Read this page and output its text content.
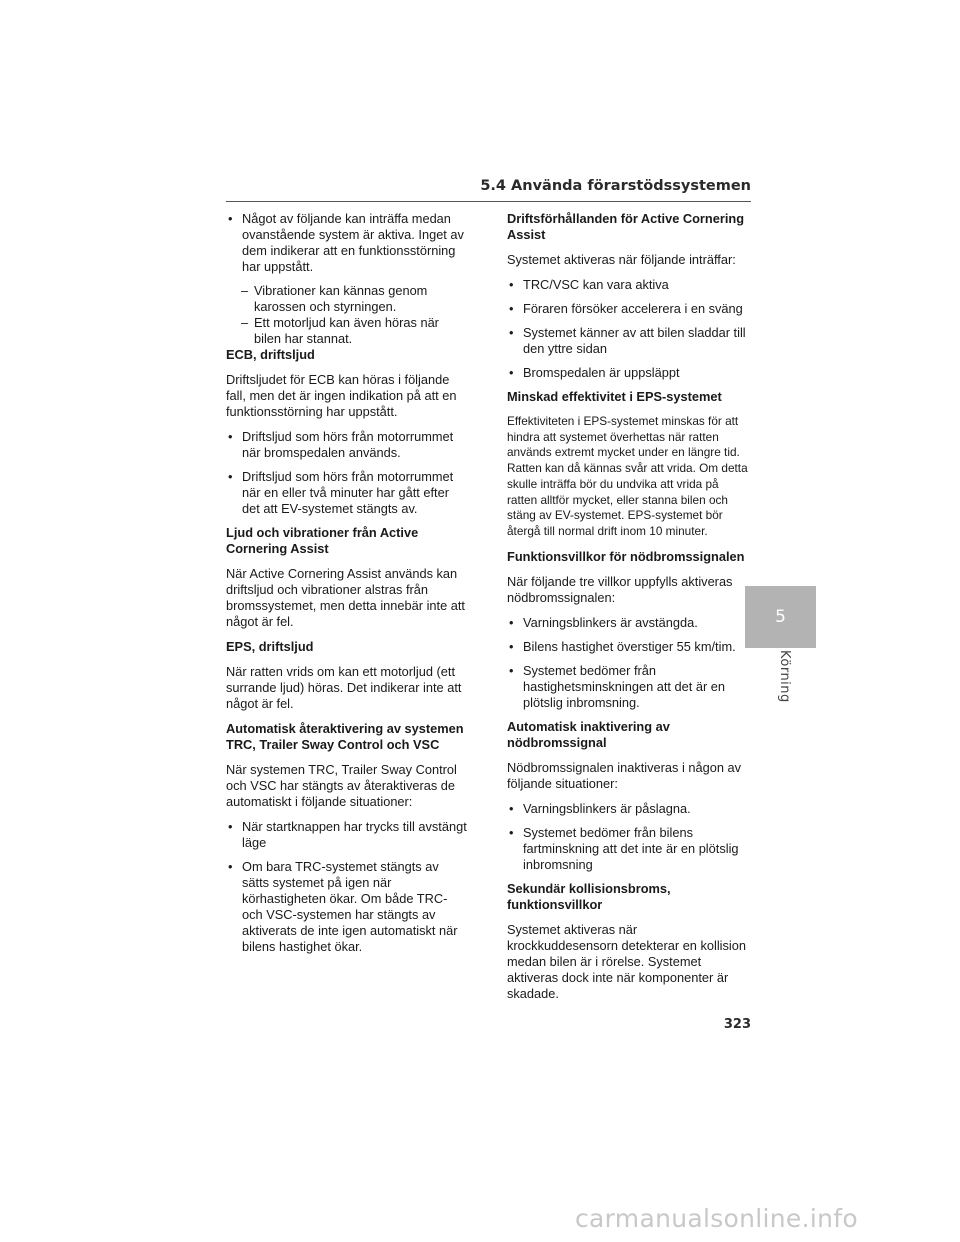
5.4 Använda förarstödssystemen
• Något av följande kan inträffa medan ovanstående system är aktiva. Inget av dem indikerar att en funktionsstörning har uppstått.
– Vibrationer kan kännas genom karossen och styrningen.
– Ett motorljud kan även höras när bilen har stannat.
ECB, driftsljud
Driftsljudet för ECB kan höras i följande fall, men det är ingen indikation på att en funktionsstörning har uppstått.
• Driftsljud som hörs från motorrummet när bromspedalen används.
• Driftsljud som hörs från motorrummet när en eller två minuter har gått efter det att EV-systemet stängts av.
Ljud och vibrationer från Active Cornering Assist
När Active Cornering Assist används kan driftsljud och vibrationer alstras från bromssystemet, men detta innebär inte att något är fel.
EPS, driftsljud
När ratten vrids om kan ett motorljud (ett surrande ljud) höras. Det indikerar inte att något är fel.
Automatisk återaktivering av systemen TRC, Trailer Sway Control och VSC
När systemen TRC, Trailer Sway Control och VSC har stängts av återaktiveras de automatiskt i följande situationer:
• När startknappen har trycks till avstängt läge
• Om bara TRC-systemet stängts av sätts systemet på igen när körhastigheten ökar. Om både TRC- och VSC-systemen har stängts av aktiverats de inte igen automatiskt när bilens hastighet ökar.
Driftsförhållanden för Active Cornering Assist
Systemet aktiveras när följande inträffar:
• TRC/VSC kan vara aktiva
• Föraren försöker accelerera i en sväng
• Systemet känner av att bilen sladdar till den yttre sidan
• Bromspedalen är uppsläppt
Minskad effektivitet i EPS-systemet
Effektiviteten i EPS-systemet minskas för att hindra att systemet överhettas när ratten används extremt mycket under en längre tid. Ratten kan då kännas svår att vrida. Om detta skulle inträffa bör du undvika att vrida på ratten alltför mycket, eller stanna bilen och stäng av EV-systemet. EPS-systemet bör återgå till normal drift inom 10 minuter.
Funktionsvillkor för nödbromssignalen
När följande tre villkor uppfylls aktiveras nödbromssignalen:
• Varningsblinkers är avstängda.
• Bilens hastighet överstiger 55 km/tim.
• Systemet bedömer från hastighetsminskningen att det är en plötslig inbromsning.
Automatisk inaktivering av nödbromssignal
Nödbromssignalen inaktiveras i någon av följande situationer:
• Varningsblinkers är påslagna.
• Systemet bedömer från bilens fartminskning att det inte är en plötslig inbromsning
Sekundär kollisionsbroms, funktionsvillkor
Systemet aktiveras när krockkuddesensorn detekterar en kollision medan bilen är i rörelse. Systemet aktiveras dock inte när komponenter är skadade.
5
Körning
323
carmanualsonline.info
